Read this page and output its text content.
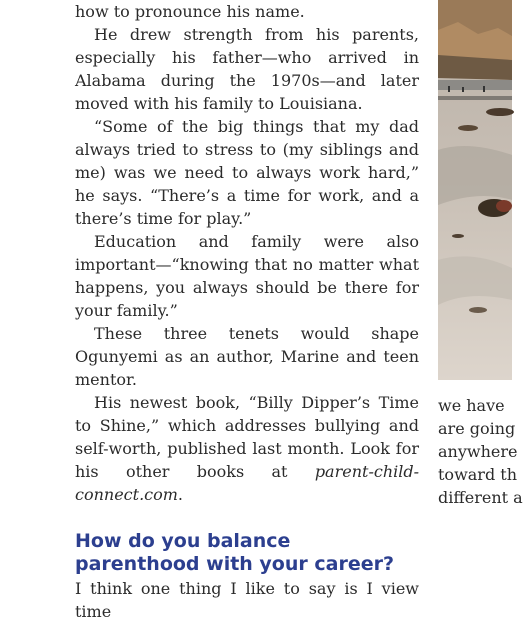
how to pronounce his name.

He drew strength from his parents, especially his father—who arrived in Alabama during the 1970s—and later moved with his family to Louisiana.

“Some of the big things that my dad always tried to stress to (my siblings and me) was we need to always work hard,” he says. “There’s a time for work, and a there’s time for play.”

Education and family were also important—“knowing that no matter what happens, you always should be there for your family.”

These three tenets would shape Ogunyemi as an author, Marine and teen mentor.

His newest book, “Billy Dipper’s Time to Shine,” which addresses bullying and self-worth, published last month. Look for his other books at parent-child-connect.com.

How do you balance parenthood with your career?

I think one thing I like to say is I view time

we have
are going
anywhere
toward th
different a
